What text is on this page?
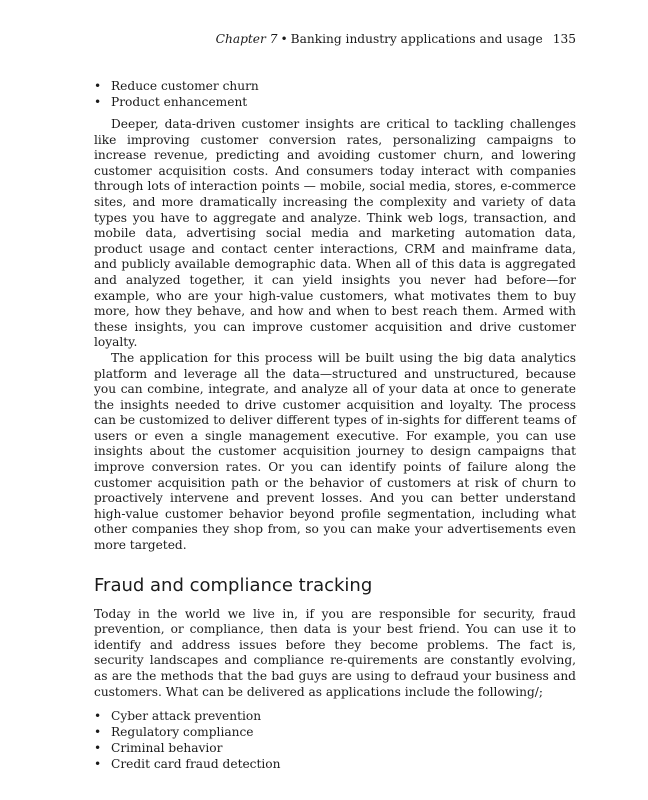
Chapter 7 • Banking industry applications and usage 135
• Reduce customer churn
• Product enhancement

Deeper, data-driven customer insights are critical to tackling challenges like improving customer conversion rates, personalizing campaigns to increase revenue, predicting and avoiding customer churn, and lowering customer acquisition costs. And consumers today interact with companies through lots of interaction points — mobile, social media, stores, e-commerce sites, and more dramatically increasing the complexity and variety of data types you have to aggregate and analyze. Think web logs, transaction, and mobile data, advertising social media and marketing automation data, product usage and contact center interactions, CRM and mainframe data, and publicly available demographic data. When all of this data is aggregated and analyzed together, it can yield insights you never had before—for example, who are your high-value customers, what motivates them to buy more, how they behave, and how and when to best reach them. Armed with these insights, you can improve customer acquisition and drive customer loyalty.

The application for this process will be built using the big data analytics platform and leverage all the data—structured and unstructured, because you can combine, integrate, and analyze all of your data at once to generate the insights needed to drive customer acquisition and loyalty. The process can be customized to deliver different types of in-sights for different teams of users or even a single management executive. For example, you can use insights about the customer acquisition journey to design campaigns that improve conversion rates. Or you can identify points of failure along the customer acquisition path or the behavior of customers at risk of churn to proactively intervene and prevent losses. And you can better understand high-value customer behavior beyond profile segmentation, including what other companies they shop from, so you can make your advertisements even more targeted.

Fraud and compliance tracking

Today in the world we live in, if you are responsible for security, fraud prevention, or compliance, then data is your best friend. You can use it to identify and address issues before they become problems. The fact is, security landscapes and compliance re-quirements are constantly evolving, as are the methods that the bad guys are using to defraud your business and customers. What can be delivered as applications include the following/;

• Cyber attack prevention
• Regulatory compliance
• Criminal behavior
• Credit card fraud detection
